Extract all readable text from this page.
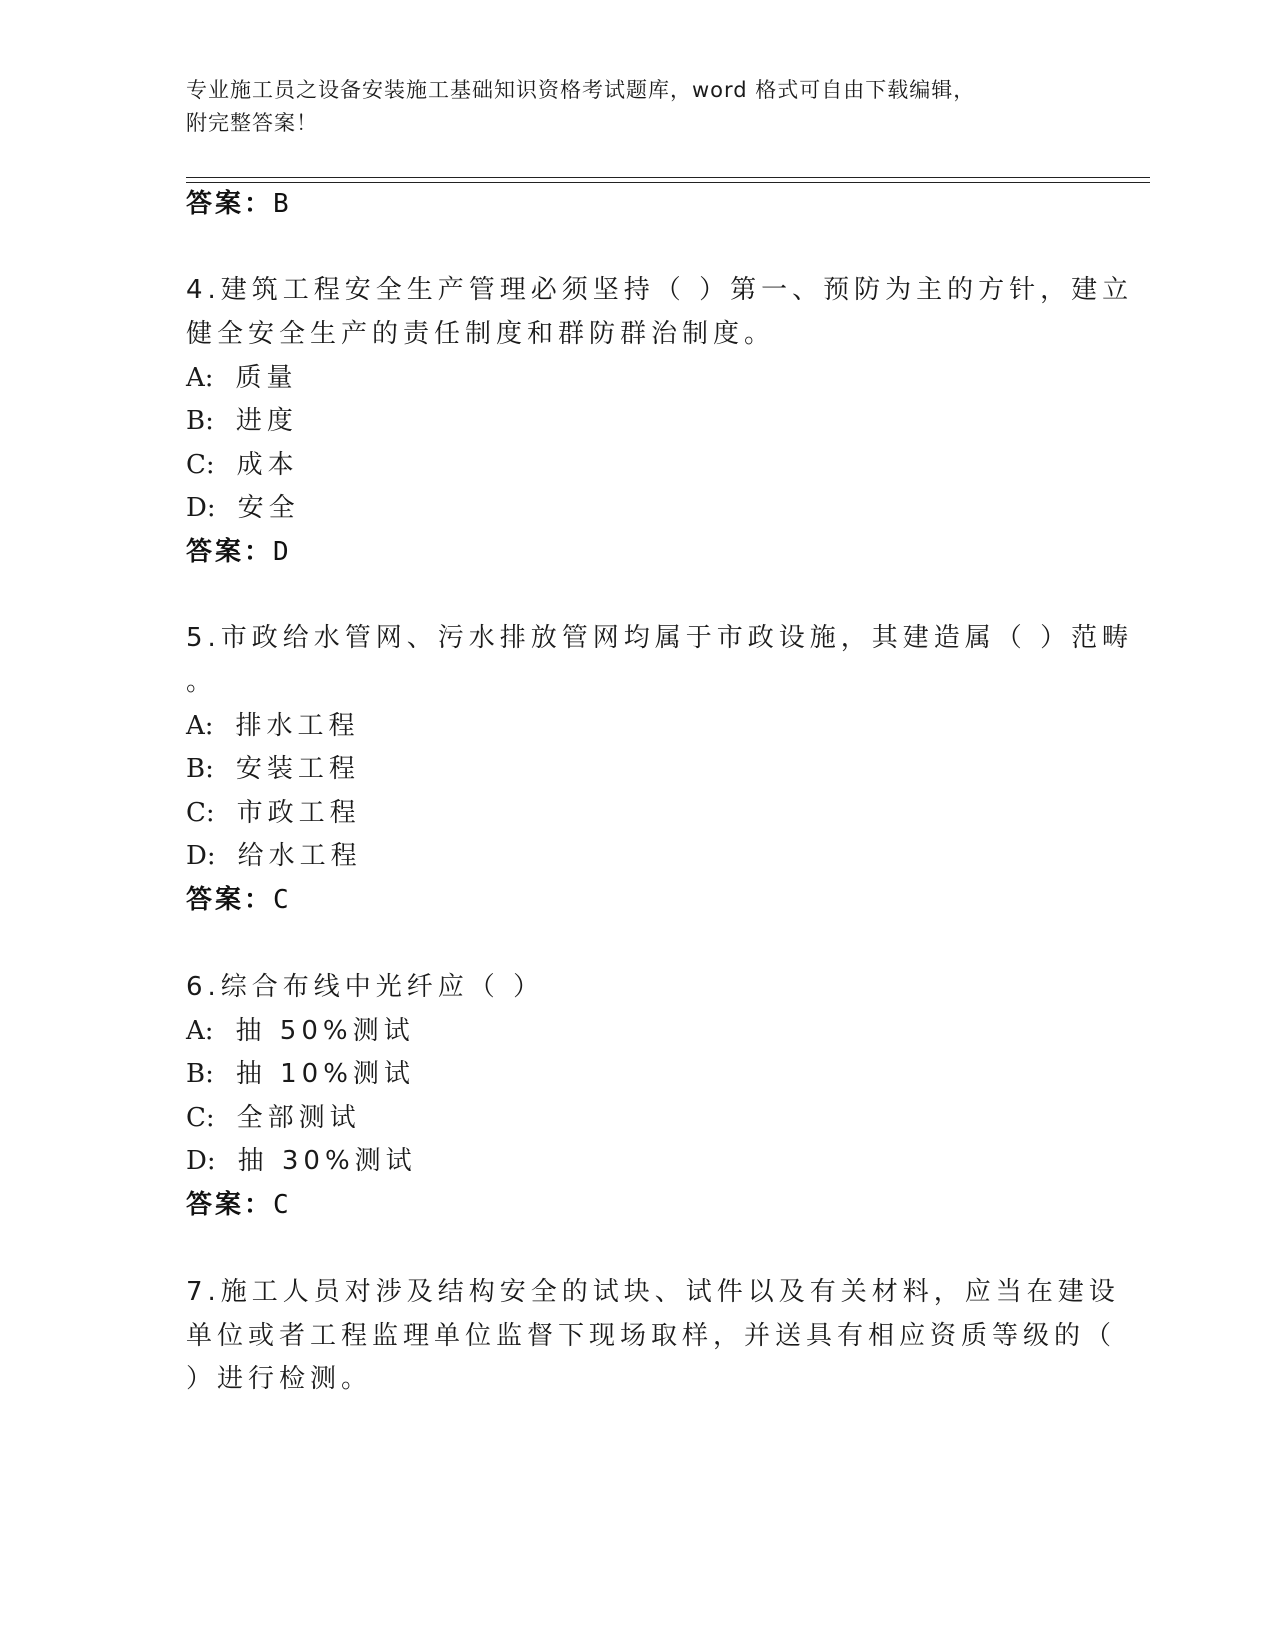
专业施工员之设备安装施工基础知识资格考试题库，word 格式可自由下载编辑，
附完整答案！
答案：B
4.建筑工程安全生产管理必须坚持（ ）第一、预防为主的方针，建立
健全安全生产的责任制度和群防群治制度。
A: 质量
B: 进度
C: 成本
D: 安全
答案：D
5.市政给水管网、污水排放管网均属于市政设施，其建造属（ ）范畴
。
A: 排水工程
B: 安装工程
C: 市政工程
D: 给水工程
答案：C
6.综合布线中光纤应（ ）
A: 抽 50%测试
B: 抽 10%测试
C: 全部测试
D: 抽 30%测试
答案：C
7.施工人员对涉及结构安全的试块、试件以及有关材料，应当在建设
单位或者工程监理单位监督下现场取样，并送具有相应资质等级的（
）进行检测。
